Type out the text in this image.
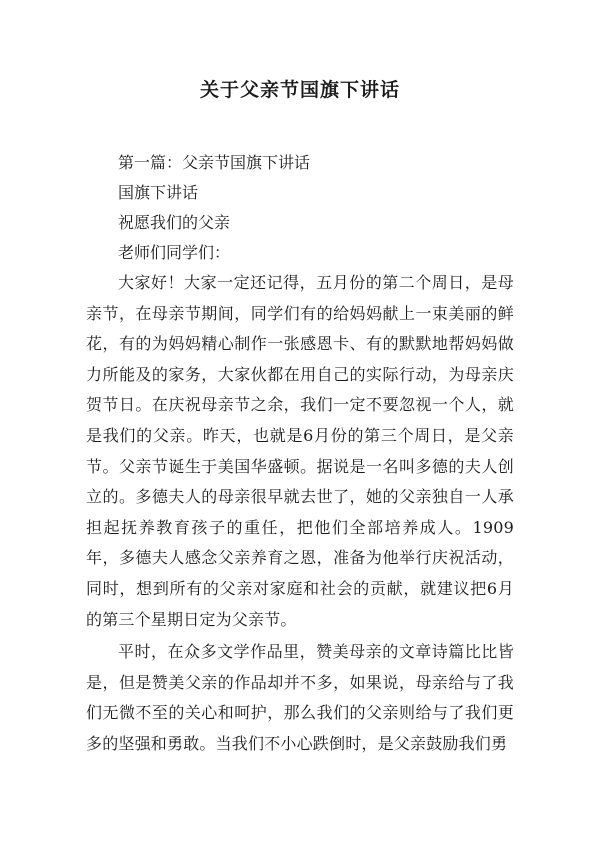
关于父亲节国旗下讲话

第一篇：父亲节国旗下讲话

国旗下讲话

祝愿我们的父亲

老师们同学们：

大家好！大家一定还记得，五月份的第二个周日，是母亲节，在母亲节期间，同学们有的给妈妈献上一束美丽的鲜花，有的为妈妈精心制作一张感恩卡、有的默默地帮妈妈做力所能及的家务，大家伙都在用自己的实际行动，为母亲庆贺节日。在庆祝母亲节之余，我们一定不要忽视一个人，就是我们的父亲。昨天，也就是6月份的第三个周日，是父亲节。父亲节诞生于美国华盛顿。据说是一名叫多德的夫人创立的。多德夫人的母亲很早就去世了，她的父亲独自一人承担起抚养教育孩子的重任，把他们全部培养成人。1909年，多德夫人感念父亲养育之恩，准备为他举行庆祝活动，同时，想到所有的父亲对家庭和社会的贡献，就建议把6月的第三个星期日定为父亲节。

平时，在众多文学作品里，赞美母亲的文章诗篇比比皆是，但是赞美父亲的作品却并不多，如果说，母亲给与了我们无微不至的关心和呵护，那么我们的父亲则给与了我们更多的坚强和勇敢。当我们不小心跌倒时，是父亲鼓励我们勇
